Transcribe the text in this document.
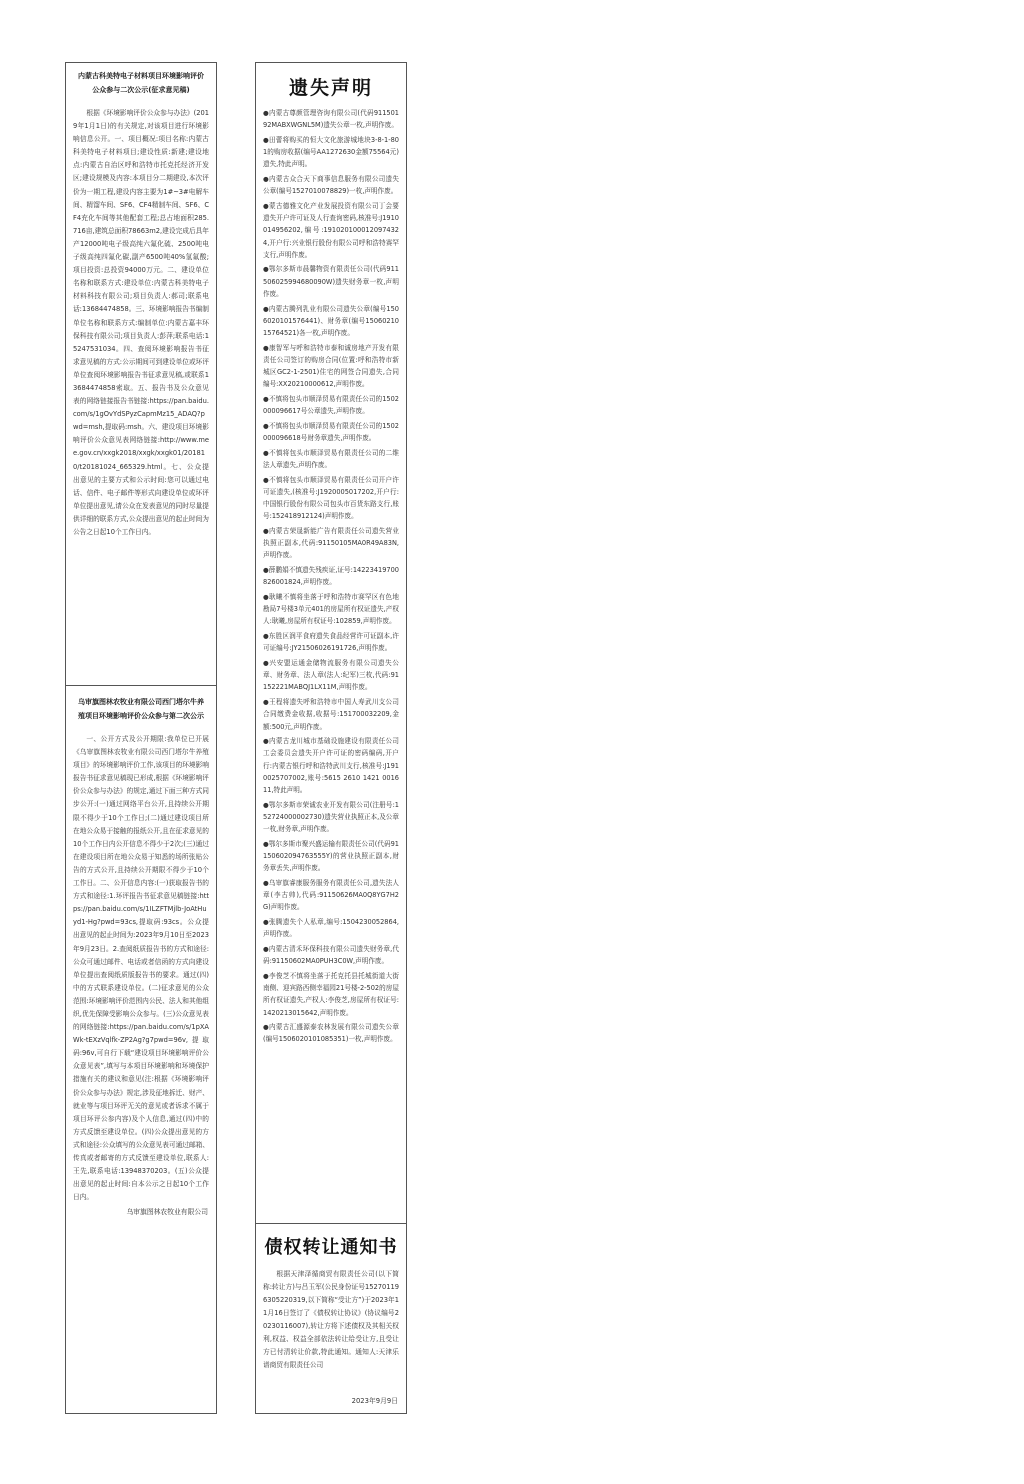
内蒙古科美特电子材料项目环境影响评价公众参与二次公示(征求意见稿)

根据《环境影响评价公众参与办法》(2019年1月1日)的有关规定,对该项目进行环境影响信息公开。一、项目概况:项目名称:内蒙古科美特电子材料项目;建设性质:新建;建设地点:内蒙古自治区呼和浩特市托克托经济开发区;建设规模及内容:本项目分二期建设,本次评价为一期工程,建设内容主要为1#~3#电解车间、精馏车间、SF6、CF4精制车间、SF6、CF4充化车间等其他配套工程;总占地面积285.716亩,建筑总面积78663m2,建设完成后具年产12000吨电子级高纯六氟化硫、2500吨电子级高纯四氟化碳,副产6500吨40%氢氟酸;项目投资:总投资94000万元。二、建设单位名称和联系方式:建设单位:内蒙古科美特电子材料科技有限公司;项目负责人:郝司;联系电话:13684474858。三、环境影响报告书编制单位名称和联系方式:编制单位:内蒙古嘉丰环保科技有限公司;项目负责人:彭萍;联系电话:15247531034。四、查阅环境影响报告书征求意见稿的方式:公示期间可到建设单位或环评单位查阅环境影响报告书征求意见稿,或联系13684474858索取。五、报告书及公众意见表的网络链接报告书链接:https://pan.baidu.com/s/1gOvYdSPyzCapmMz15_ADAQ?pwd=msh,提取码:msh。六、建设项目环境影响评价公众意见表网络链接:http://www.mee.gov.cn/xxgk2018/xxgk/xxgk01/201810/t20181024_665329.html。七、公众提出意见的主要方式和公示时间:您可以通过电话、信件、电子邮件等形式向建设单位或环评单位提出意见,请公众在发表意见的同时尽量提供详细的联系方式,公众提出意见的起止时间为公告之日起10个工作日内。

乌审旗图林农牧业有限公司西门塔尔牛养殖项目环境影响评价公众参与第二次公示

一、公开方式及公开期限:我单位已开展《乌审旗图林农牧业有限公司西门塔尔牛养殖项目》的环境影响评价工作,该项目的环境影响报告书征求意见稿现已形成,根据《环境影响评价公众参与办法》的规定,通过下面三种方式同步公开:(一)通过网络平台公开,且持续公开期限不得少于10个工作日;(二)通过建设项目所在地公众易于接触的报纸公开,且在征求意见的10个工作日内公开信息不得少于2次;(三)通过在建设项目所在地公众易于知悉的场所张贴公告的方式公开,且持续公开期限不得少于10个工作日。二、公开信息内容:(一)获取报告书的方式和途径:1.环评报告书征求意见稿链接:https://pan.baidu.com/s/1ILZFTMjlb-JoAtHuyd1-Hg?pwd=93cs,提取码:93cs。公众提出意见的起止时间为:2023年9月10日至2023年9月23日。2.查阅纸质报告书的方式和途径:公众可通过邮件、电话或者信函的方式向建设单位提出查阅纸质版报告书的要求。通过(四)中的方式联系建设单位。(二)征求意见的公众范围:环境影响评价范围内公民、法人和其他组织,优先保障受影响公众参与。(三)公众意见表的网络链接:https://pan.baidu.com/s/1pXAWk-tEXzVqlfk-ZP2Ag?g7pwd=96v,提取码:96v,可自行下载“建设项目环境影响评价公众意见表”,填写与本项目环境影响和环境保护措施有关的建议和意见(注:根据《环境影响评价公众参与办法》规定,涉及征地拆迁、财产、就业等与项目环评无关的意见或者诉求不属于项目环评公参内容)及个人信息,通过(四)中的方式反馈至建设单位。(四)公众提出意见的方式和途径:公众填写的公众意见表可通过邮箱、传真或者邮寄的方式反馈至建设单位,联系人:王先,联系电话:13948370203。(五)公众提出意见的起止时间:自本公示之日起10个工作日内。

乌审旗图林农牧业有限公司
遗失声明

●内蒙古尊颜管理咨询有限公司(代码91150192MABXWGNL5M)遗失公章一枚,声明作废。

●田蕾将购买的恒大文化旅游城地块3-8-1-801的购房收据(编号AA1272630金额75564元)遗失,特此声明。

●内蒙古众合天下商事信息服务有限公司遗失公章(编号1527010078829)一枚,声明作废。

●蒙古德雅文化产业发展投资有限公司丁会要遗失开户许可证及人行查询密码,核准号:J1910014956202,编号:1910201000120974324,开户行:兴业银行股份有限公司呼和浩特赛罕支行,声明作废。

●鄂尔多斯市晨馨物资有限责任公司(代码911506025994680090W)遗失财务章一枚,声明作废。

●内蒙古腾列乳业有限公司遗失公章(编号1506020101576441)、财务章(编号1506021015764521)各一枚,声明作废。

●康智军与呼和浩特市泰和诚房地产开发有限责任公司签订的购房合同(位置:呼和浩特市新城区GC2-1-2501)住宅的网签合同遗失,合同编号:XX20210000612,声明作废。

●不慎将包头市顺泽贸易有限责任公司的1502000096617号公章遗失,声明作废。

●不慎将包头市顺泽贸易有限责任公司的1502000096618号财务章遗失,声明作废。

●不慎将包头市顺泽贸易有限责任公司的二维法人章遗失,声明作废。

●不慎将包头市顺泽贸易有限责任公司开户许可证遗失,(核准号:J1920005017202,开户行:中国银行股份有限公司包头市百货东路支行,账号:152418912124)声明作废。

●内蒙古荣晟新能广告有限责任公司遗失营业执照正副本,代码:91150105MA0R49A83N,声明作废。

●薛鹏娟不慎遗失残疾证,证号:14223419700826001824,声明作废。

●耿曦不慎将坐落于呼和浩特市赛罕区有色地勘局7号楼3单元401的房屋所有权证遗失,产权人:耿曦,房屋所有权证号:102859,声明作废。

●东胜区润平食府遗失食品经营许可证副本,许可证编号:JY21506026191726,声明作废。

●兴安盟运通金储物流服务有限公司遗失公章、财务章、法人章(法人:纪军)三枚,代码:91152221MABQJ1LX11M,声明作废。

●王程将遗失呼和浩特市中国人寿武川支公司合同缴费金收据,收据号:151700032209,金额:500元,声明作废。

●内蒙古龙川城市基础设施建设有限责任公司工会委员会遗失开户许可证的密码编码,开户行:内蒙古银行呼和浩特武川支行,核准号:J1910025707002,账号:5615 2610 1421 001611,特此声明。

●鄂尔多斯市荣诚农业开发有限公司(注册号:152724000002730)遗失营业执照正本,及公章一枚,财务章,声明作废。

●鄂尔多斯市聚兴盛运输有限责任公司(代码91150602094763555Y)的营业执照正副本,财务章丢失,声明作废。

●乌审旗睿康服务服务有限责任公司,遗失法人章(李古帅),代码:91150626MA0Q8YG7H2G)声明作废。

●张腾遗失个人私章,编号:1504230052864,声明作废。

●内蒙古清禾环保科技有限公司遗失财务章,代码:91150602MA0PUH3C0W,声明作废。

●李俊芝不慎将坐落于托克托县托城街道大街南侧、迎宾路西侧幸福园21号楼-2-502的房屋所有权证遗失,产权人:李俊芝,房屋所有权证号:1420213015642,声明作废。

●内蒙古汇盛源泰农林发展有限公司遗失公章(编号1506020101085351)一枚,声明作废。

债权转让通知书

根据天津泽循商贸有限责任公司(以下简称:转让方)与吕玉军(公民身份证号152701196305220319,以下简称“受让方”)于2023年11月16日签订了《债权转让协议》(协议编号20230116007),转让方将下述债权及其相关权利,权益、权益全部依法转让给受让方,且受让方已付清转让价款,特此通知。通知人:天津乐谱商贸有限责任公司

2023年9月9日
